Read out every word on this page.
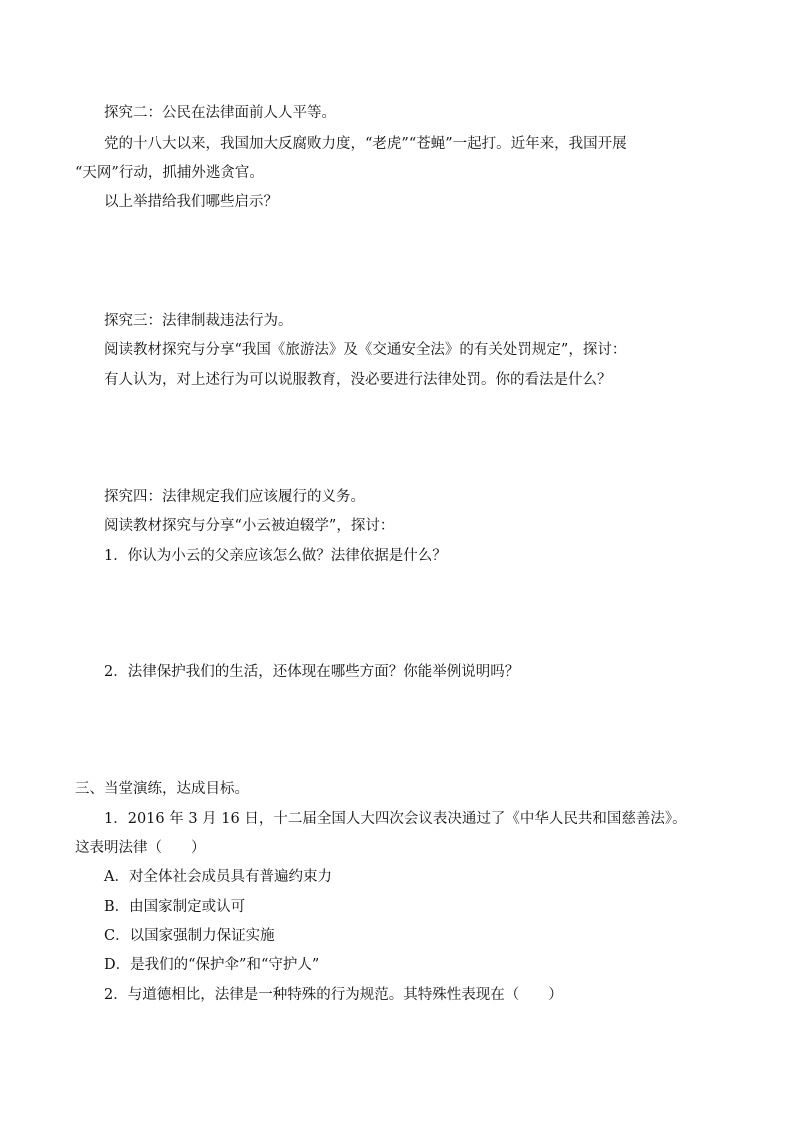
探究二：公民在法律面前人人平等。
党的十八大以来，我国加大反腐败力度，“老虎”“苍蝇”一起打。近年来，我国开展
“天网”行动，抓捕外逃贪官。
以上举措给我们哪些启示？
探究三：法律制裁违法行为。
阅读教材探究与分享“我国《旅游法》及《交通安全法》的有关处罚规定”，探讨：
有人认为，对上述行为可以说服教育，没必要进行法律处罚。你的看法是什么？
探究四：法律规定我们应该履行的义务。
阅读教材探究与分享“小云被迫辍学”，探讨：
1．你认为小云的父亲应该怎么做？法律依据是什么？
2．法律保护我们的生活，还体现在哪些方面？你能举例说明吗？
三、当堂演练，达成目标。
1．2016 年 3 月 16 日，十二届全国人大四次会议表决通过了《中华人民共和国慈善法》。
这表明法律（　　）
A．对全体社会成员具有普遍约束力
B．由国家制定或认可
C．以国家强制力保证实施
D．是我们的“保护伞”和“守护人”
2．与道德相比，法律是一种特殊的行为规范。其特殊性表现在（　　）
